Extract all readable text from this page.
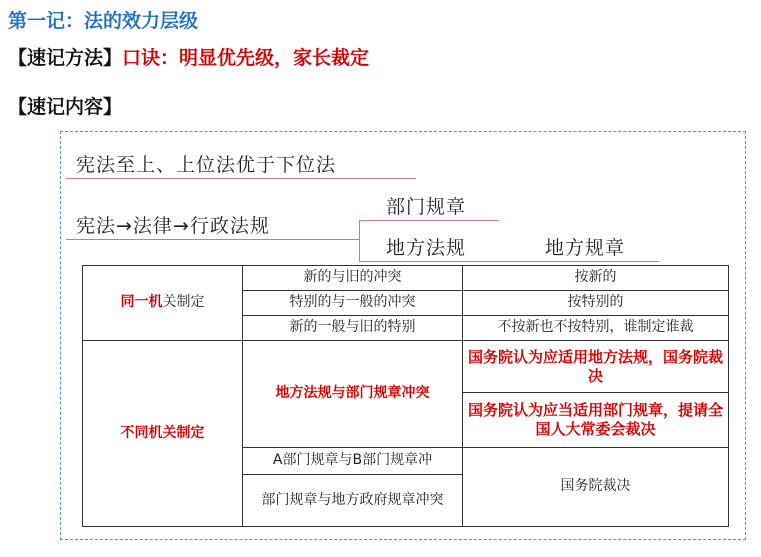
第一记：法的效力层级
【速记方法】口诀：明显优先级，家长裁定
【速记内容】
宪法至上、上位法优于下位法
宪法→法律→行政法规
部门规章
地方法规	地方规章
同一机关制定	新的与旧的冲突	按新的
	特别的与一般的冲突	按特别的
	新的一般与旧的特别	不按新也不按特别，谁制定谁裁
不同机关制定	地方法规与部门规章冲突	国务院认为应适用地方法规，国务院裁决
		国务院认为应当适用部门规章，提请全国人大常委会裁决
	A部门规章与B部门规章冲	国务院裁决
	部门规章与地方政府规章冲突	
